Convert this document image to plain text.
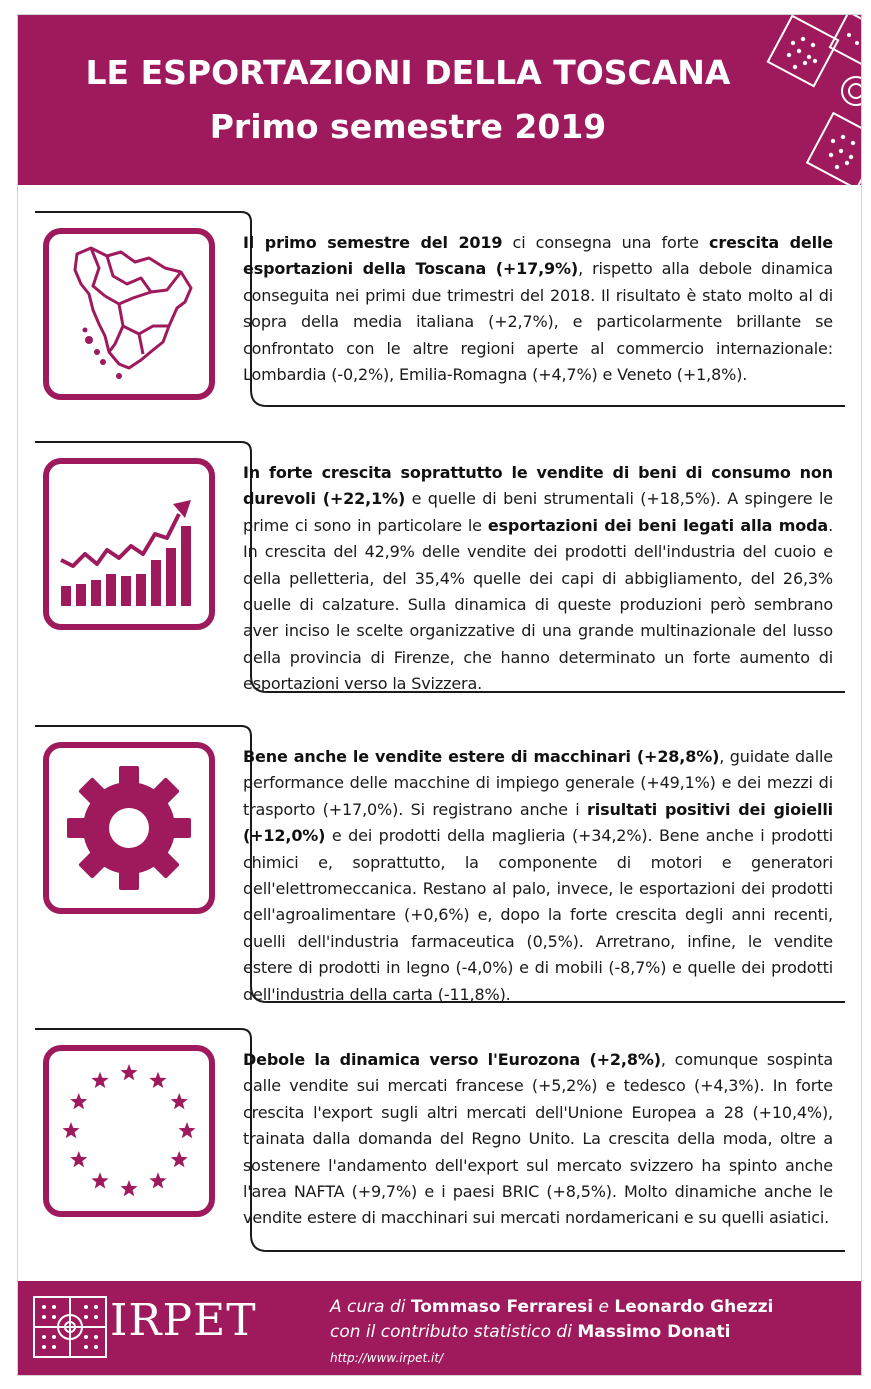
LE ESPORTAZIONI DELLA TOSCANA
Primo semestre 2019
Il primo semestre del 2019 ci consegna una forte crescita delle esportazioni della Toscana (+17,9%), rispetto alla debole dinamica conseguita nei primi due trimestri del 2018. Il risultato è stato molto al di sopra della media italiana (+2,7%), e particolarmente brillante se confrontato con le altre regioni aperte al commercio internazionale: Lombardia (-0,2%), Emilia-Romagna (+4,7%) e Veneto (+1,8%).
In forte crescita soprattutto le vendite di beni di consumo non durevoli (+22,1%) e quelle di beni strumentali (+18,5%). A spingere le prime ci sono in particolare le esportazioni dei beni legati alla moda. In crescita del 42,9% delle vendite dei prodotti dell'industria del cuoio e della pelletteria, del 35,4% quelle dei capi di abbigliamento, del 26,3% quelle di calzature. Sulla dinamica di queste produzioni però sembrano aver inciso le scelte organizzative di una grande multinazionale del lusso della provincia di Firenze, che hanno determinato un forte aumento di esportazioni verso la Svizzera.
Bene anche le vendite estere di macchinari (+28,8%), guidate dalle performance delle macchine di impiego generale (+49,1%) e dei mezzi di trasporto (+17,0%). Si registrano anche i risultati positivi dei gioielli (+12,0%) e dei prodotti della maglieria (+34,2%). Bene anche i prodotti chimici e, soprattutto, la componente di motori e generatori dell'elettromeccanica. Restano al palo, invece, le esportazioni dei prodotti dell'agroalimentare (+0,6%) e, dopo la forte crescita degli anni recenti, quelli dell'industria farmaceutica (0,5%). Arretrano, infine, le vendite estere di prodotti in legno (-4,0%) e di mobili (-8,7%) e quelle dei prodotti dell'industria della carta (-11,8%).
Debole la dinamica verso l'Eurozona (+2,8%), comunque sospinta dalle vendite sui mercati francese (+5,2%) e tedesco (+4,3%). In forte crescita l'export sugli altri mercati dell'Unione Europea a 28 (+10,4%), trainata dalla domanda del Regno Unito. La crescita della moda, oltre a sostenere l'andamento dell'export sul mercato svizzero ha spinto anche l'area NAFTA (+9,7%) e i paesi BRIC (+8,5%). Molto dinamiche anche le vendite estere di macchinari sui mercati nordamericani e su quelli asiatici.
IRPET	A cura di Tommaso Ferraresi e Leonardo Ghezzi
con il contributo statistico di Massimo Donati
http://www.irpet.it/
